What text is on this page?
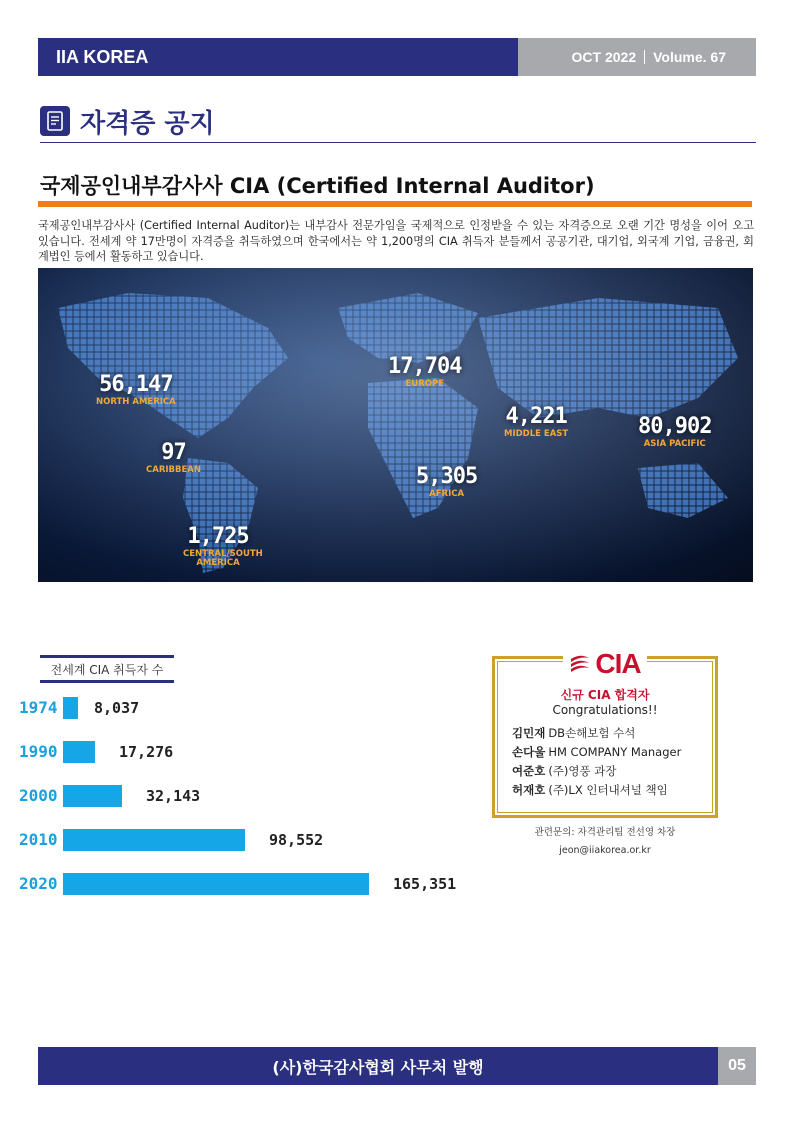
IIA KOREA	OCT 2022 Volume. 67
자격증 공지
국제공인내부감사사 CIA (Certified Internal Auditor)
국제공인내부감사사 (Certified Internal Auditor)는 내부감사 전문가임을 국제적으로 인정받을 수 있는 자격증으로 오랜 기간 명성을 이어 오고 있습니다. 전세계 약 17만명이 자격증을 취득하였으며 한국에서는 약 1,200명의 CIA 취득자 분들께서 공공기관, 대기업, 외국계 기업, 금융권, 회계법인 등에서 활동하고 있습니다.
56,147
NORTH AMERICA
97
CARIBBEAN
1,725
CENTRAL/SOUTH AMERICA
17,704
EUROPE
5,305
AFRICA
4,221
MIDDLE EAST	80,902
ASIA PACIFIC
전세계 CIA 취득자 수
1974 8,037
1990	17,276
2000	32,143
2010	98,552
2020	165,351
CIA
신규 CIA 합격자
Congratulations!!
김민재 DB손해보험 수석
손다울 HM COMPANY Manager
여준호 (주)영풍 과장
허재호 (주)LX 인터내셔널 책임
관련문의: 자격관리팀 전선영 차장
jeon@iiakorea.or.kr
(사)한국감사협회 사무처 발행	05
